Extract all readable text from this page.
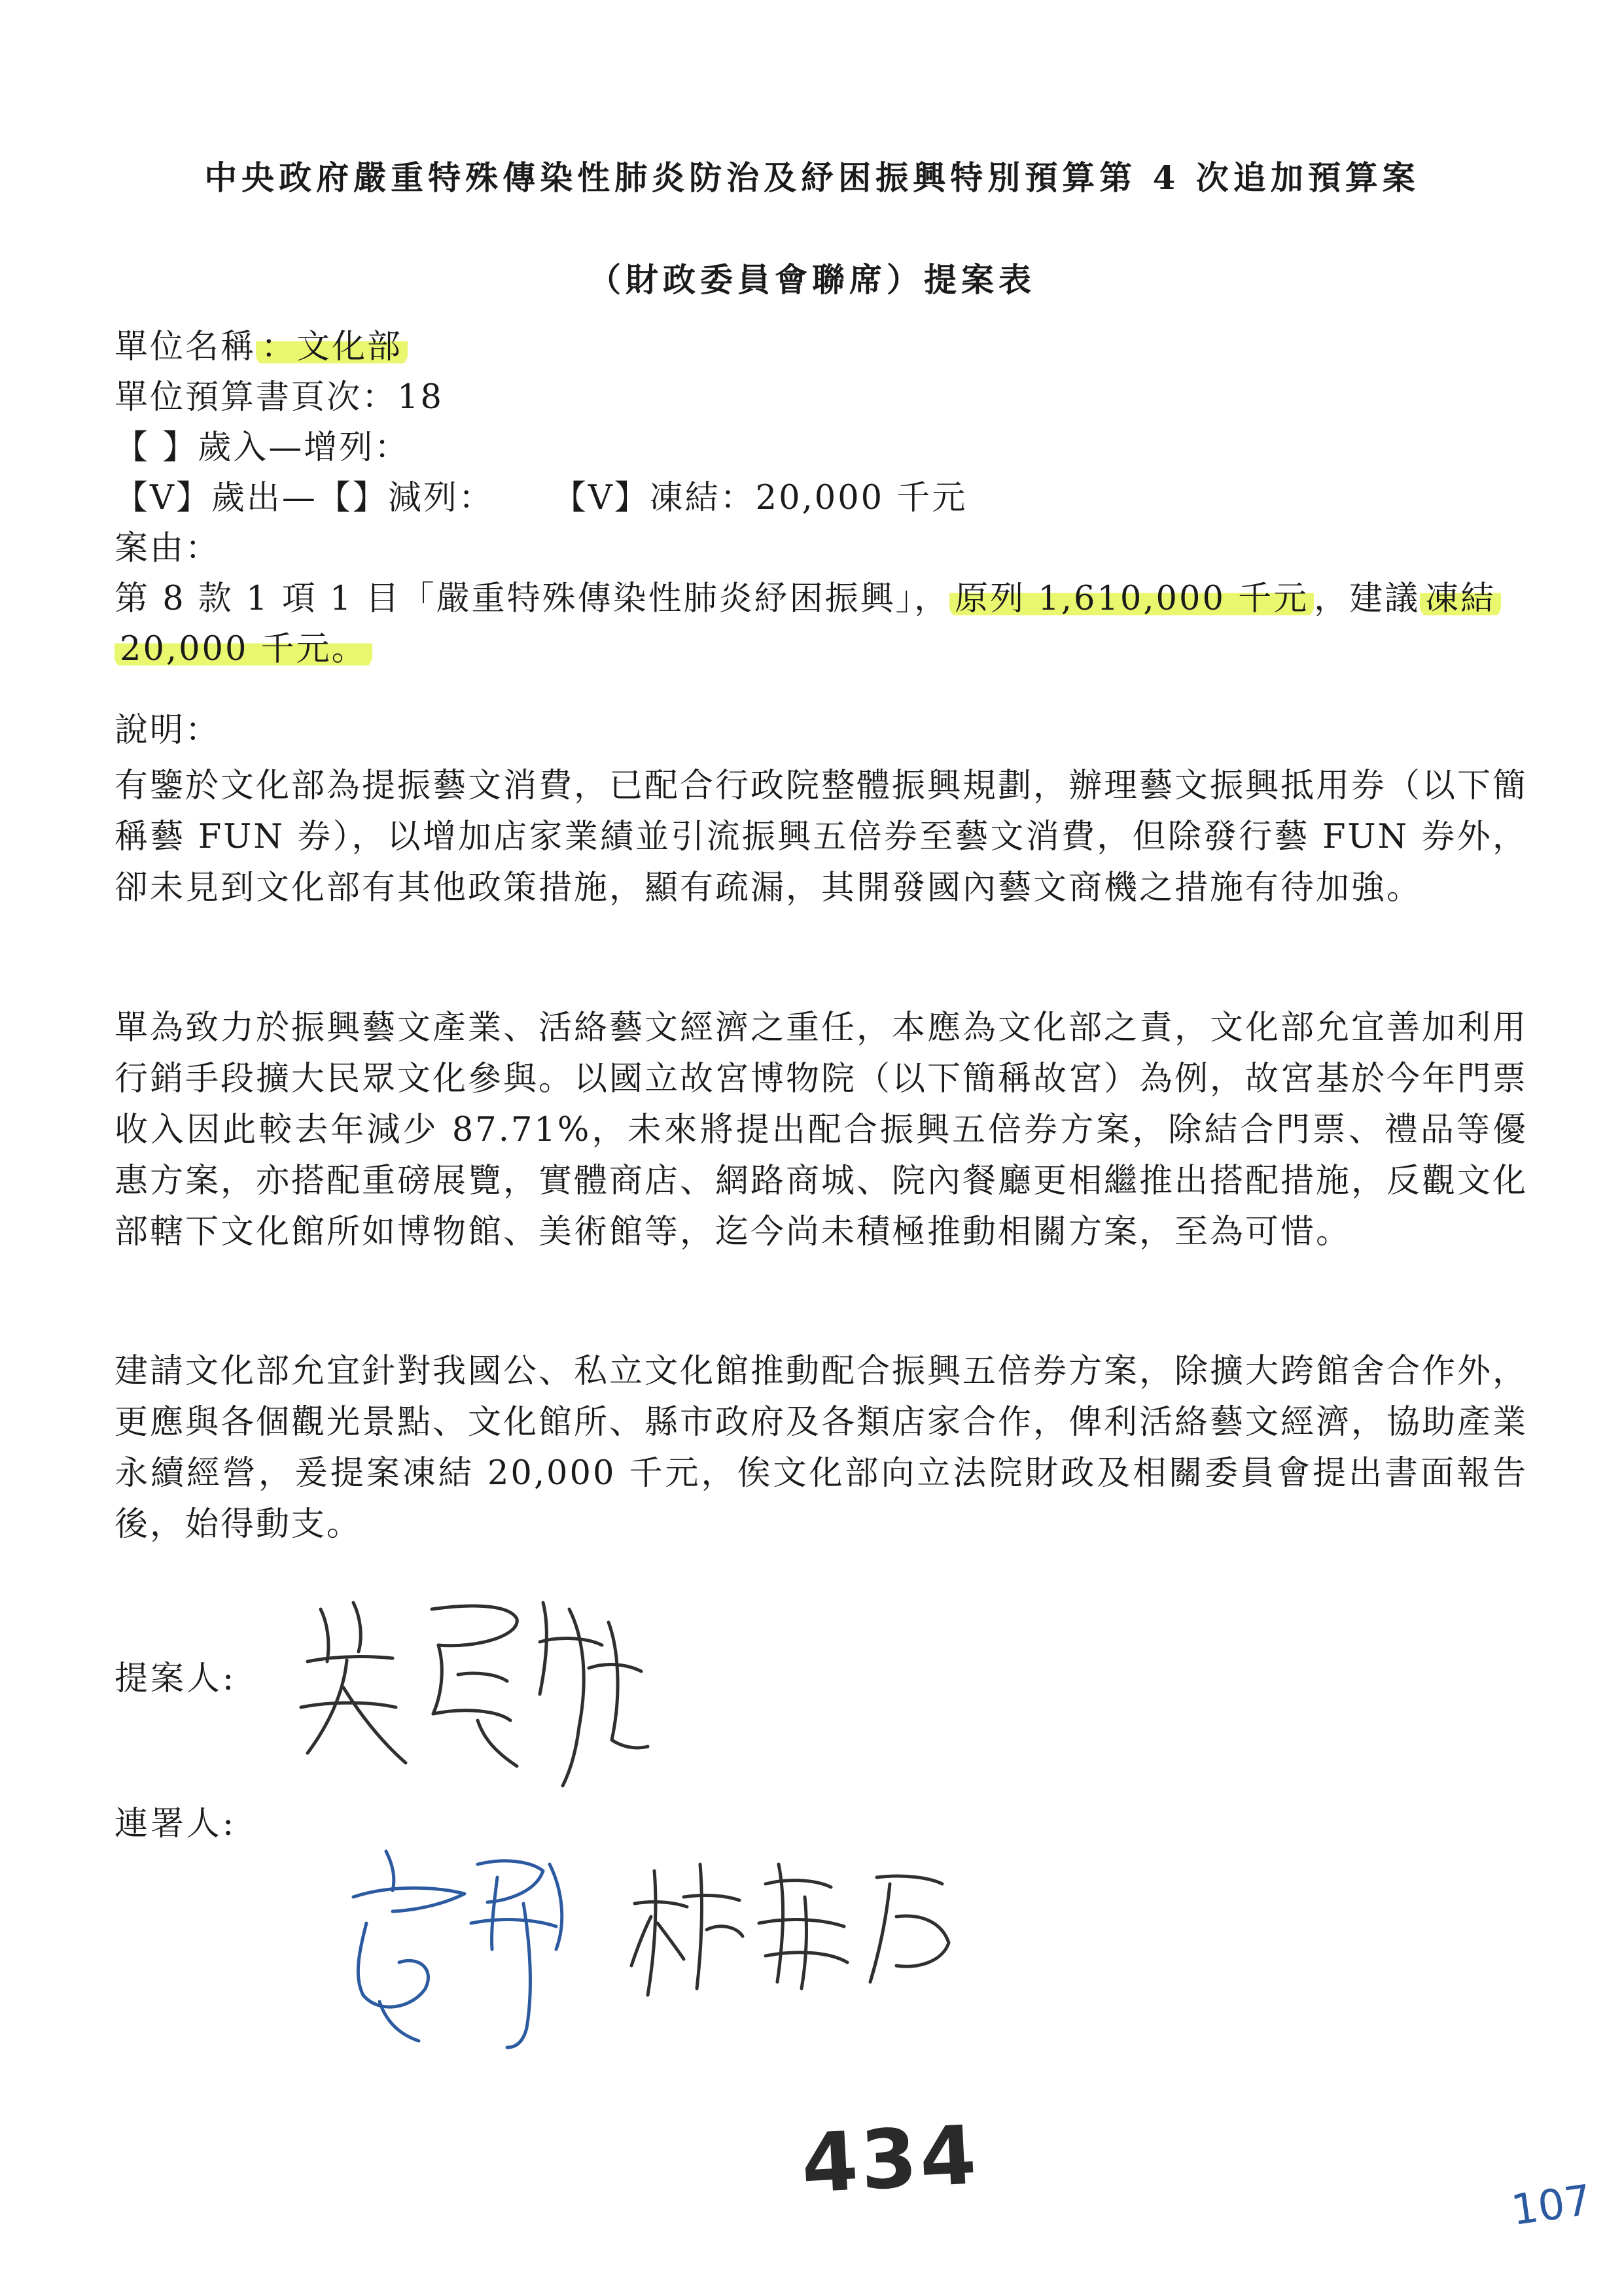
中央政府嚴重特殊傳染性肺炎防治及紓困振興特別預算第 4 次追加預算案
（財政委員會聯席）提案表
單位名稱 ：文化部
單位預算書頁次：18
【 】歲入—增列：
【V】歲出—【】減列： 【V】凍結：20,000 千元
案由：
第 8 款 1 項 1 目「嚴重特殊傳染性肺炎紓困振興」， 原列 1,610,000 千元 ，建議 凍結
20,000 千元。
說明：
有鑒於文化部為提振藝文消費，已配合行政院整體振興規劃，辦理藝文振興抵用券（以下簡稱藝 FUN 券），以增加店家業績並引流振興五倍券至藝文消費，但除發行藝 FUN 券外，卻未見到文化部有其他政策措施，顯有疏漏，其開發國內藝文商機之措施有待加強。
單為致力於振興藝文產業、活絡藝文經濟之重任，本應為文化部之責，文化部允宜善加利用行銷手段擴大民眾文化參與。以國立故宮博物院（以下簡稱故宮）為例，故宮基於今年門票收入因此較去年減少 87.71%，未來將提出配合振興五倍券方案，除結合門票、禮品等優惠方案，亦搭配重磅展覽，實體商店、網路商城、院內餐廳更相繼推出搭配措施，反觀文化部轄下文化館所如博物館、美術館等，迄今尚未積極推動相關方案，至為可惜。
建請文化部允宜針對我國公、私立文化館推動配合振興五倍券方案，除擴大跨館舍合作外，更應與各個觀光景點、文化館所、縣市政府及各類店家合作，俾利活絡藝文經濟，協助產業永續經營，爰提案凍結 20,000 千元，俟文化部向立法院財政及相關委員會提出書面報告後，始得動支。
提案人:
連署人:
434	107
